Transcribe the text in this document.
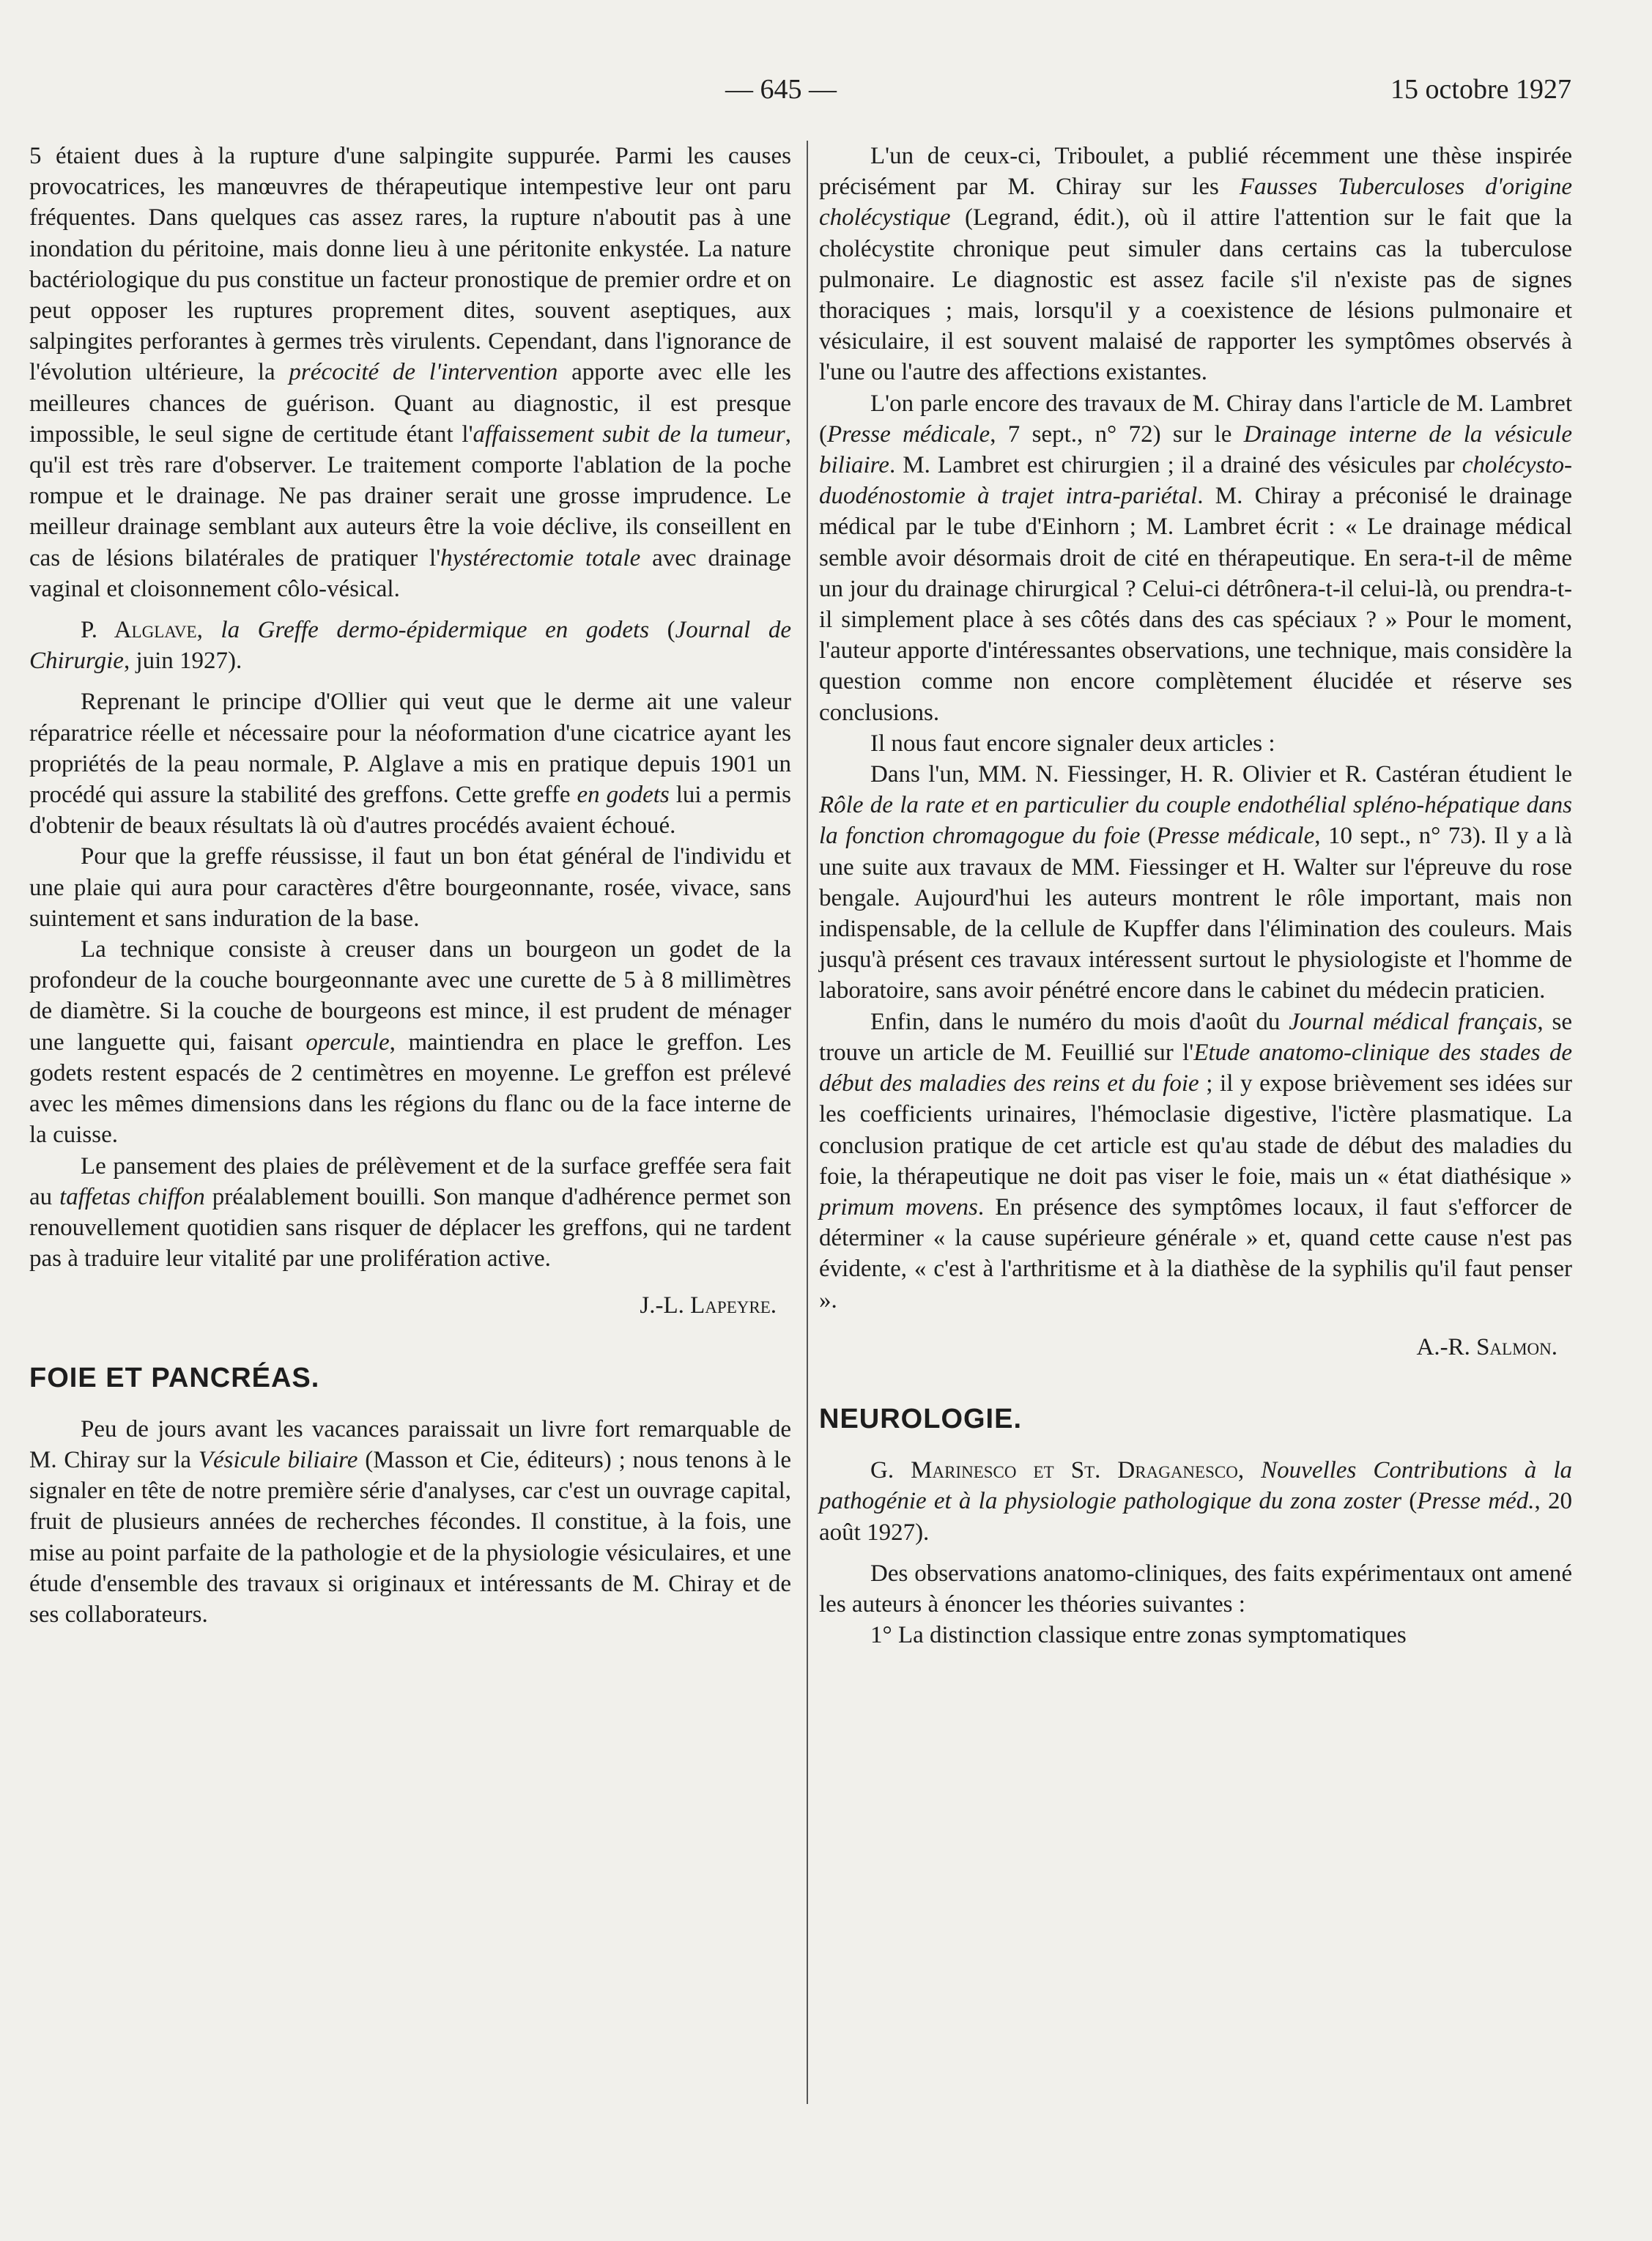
— 645 —	15 octobre 1927

5 étaient dues à la rupture d'une salpingite suppurée. Parmi les causes provocatrices, les manœuvres de thérapeutique intempestive leur ont paru fréquentes. Dans quelques cas assez rares, la rupture n'aboutit pas à une inondation du péritoine, mais donne lieu à une péritonite enkystée. La nature bactériologique du pus constitue un facteur pronostique de premier ordre et on peut opposer les ruptures proprement dites, souvent aseptiques, aux salpingites perforantes à germes très virulents. Cependant, dans l'ignorance de l'évolution ultérieure, la précocité de l'intervention apporte avec elle les meilleures chances de guérison. Quant au diagnostic, il est presque impossible, le seul signe de certitude étant l'affaissement subit de la tumeur, qu'il est très rare d'observer. Le traitement comporte l'ablation de la poche rompue et le drainage. Ne pas drainer serait une grosse imprudence. Le meilleur drainage semblant aux auteurs être la voie déclive, ils conseillent en cas de lésions bilatérales de pratiquer l'hystérectomie totale avec drainage vaginal et cloisonnement côlo-vésical.

P. Alglave, la Greffe dermo-épidermique en godets (Journal de Chirurgie, juin 1927).

Reprenant le principe d'Ollier qui veut que le derme ait une valeur réparatrice réelle et nécessaire pour la néoformation d'une cicatrice ayant les propriétés de la peau normale, P. Alglave a mis en pratique depuis 1901 un procédé qui assure la stabilité des greffons. Cette greffe en godets lui a permis d'obtenir de beaux résultats là où d'autres procédés avaient échoué.

Pour que la greffe réussisse, il faut un bon état général de l'individu et une plaie qui aura pour caractères d'être bourgeonnante, rosée, vivace, sans suintement et sans induration de la base.

La technique consiste à creuser dans un bourgeon un godet de la profondeur de la couche bourgeonnante avec une curette de 5 à 8 millimètres de diamètre. Si la couche de bourgeons est mince, il est prudent de ménager une languette qui, faisant opercule, maintiendra en place le greffon. Les godets restent espacés de 2 centimètres en moyenne. Le greffon est prélevé avec les mêmes dimensions dans les régions du flanc ou de la face interne de la cuisse.

Le pansement des plaies de prélèvement et de la surface greffée sera fait au taffetas chiffon préalablement bouilli. Son manque d'adhérence permet son renouvellement quotidien sans risquer de déplacer les greffons, qui ne tardent pas à traduire leur vitalité par une prolifération active.

J.-L. Lapeyre.

FOIE ET PANCRÉAS.

Peu de jours avant les vacances paraissait un livre fort remarquable de M. Chiray sur la Vésicule biliaire (Masson et Cie, éditeurs) ; nous tenons à le signaler en tête de notre première série d'analyses, car c'est un ouvrage capital, fruit de plusieurs années de recherches fécondes. Il constitue, à la fois, une mise au point parfaite de la pathologie et de la physiologie vésiculaires, et une étude d'ensemble des travaux si originaux et intéressants de M. Chiray et de ses collaborateurs.

L'un de ceux-ci, Triboulet, a publié récemment une thèse inspirée précisément par M. Chiray sur les Fausses Tuberculoses d'origine cholécystique (Legrand, édit.), où il attire l'attention sur le fait que la cholécystite chronique peut simuler dans certains cas la tuberculose pulmonaire. Le diagnostic est assez facile s'il n'existe pas de signes thoraciques ; mais, lorsqu'il y a coexistence de lésions pulmonaire et vésiculaire, il est souvent malaisé de rapporter les symptômes observés à l'une ou l'autre des affections existantes.

L'on parle encore des travaux de M. Chiray dans l'article de M. Lambret (Presse médicale, 7 sept., n° 72) sur le Drainage interne de la vésicule biliaire. M. Lambret est chirurgien ; il a drainé des vésicules par cholécysto-duodénostomie à trajet intra-pariétal. M. Chiray a préconisé le drainage médical par le tube d'Einhorn ; M. Lambret écrit : « Le drainage médical semble avoir désormais droit de cité en thérapeutique. En sera-t-il de même un jour du drainage chirurgical ? Celui-ci détrônera-t-il celui-là, ou prendra-t-il simplement place à ses côtés dans des cas spéciaux ? » Pour le moment, l'auteur apporte d'intéressantes observations, une technique, mais considère la question comme non encore complètement élucidée et réserve ses conclusions.

Il nous faut encore signaler deux articles :

Dans l'un, MM. N. Fiessinger, H. R. Olivier et R. Castéran étudient le Rôle de la rate et en particulier du couple endothélial spléno-hépatique dans la fonction chromagogue du foie (Presse médicale, 10 sept., n° 73). Il y a là une suite aux travaux de MM. Fiessinger et H. Walter sur l'épreuve du rose bengale. Aujourd'hui les auteurs montrent le rôle important, mais non indispensable, de la cellule de Kupffer dans l'élimination des couleurs. Mais jusqu'à présent ces travaux intéressent surtout le physiologiste et l'homme de laboratoire, sans avoir pénétré encore dans le cabinet du médecin praticien.

Enfin, dans le numéro du mois d'août du Journal médical français, se trouve un article de M. Feuillié sur l'Etude anatomo-clinique des stades de début des maladies des reins et du foie ; il y expose brièvement ses idées sur les coefficients urinaires, l'hémoclasie digestive, l'ictère plasmatique. La conclusion pratique de cet article est qu'au stade de début des maladies du foie, la thérapeutique ne doit pas viser le foie, mais un « état diathésique » primum movens. En présence des symptômes locaux, il faut s'efforcer de déterminer « la cause supérieure générale » et, quand cette cause n'est pas évidente, « c'est à l'arthritisme et à la diathèse de la syphilis qu'il faut penser ».

A.-R. Salmon.

NEUROLOGIE.

G. Marinesco et St. Draganesco, Nouvelles Contributions à la pathogénie et à la physiologie pathologique du zona zoster (Presse méd., 20 août 1927).

Des observations anatomo-cliniques, des faits expérimentaux ont amené les auteurs à énoncer les théories suivantes :

1° La distinction classique entre zonas symptomatiques
